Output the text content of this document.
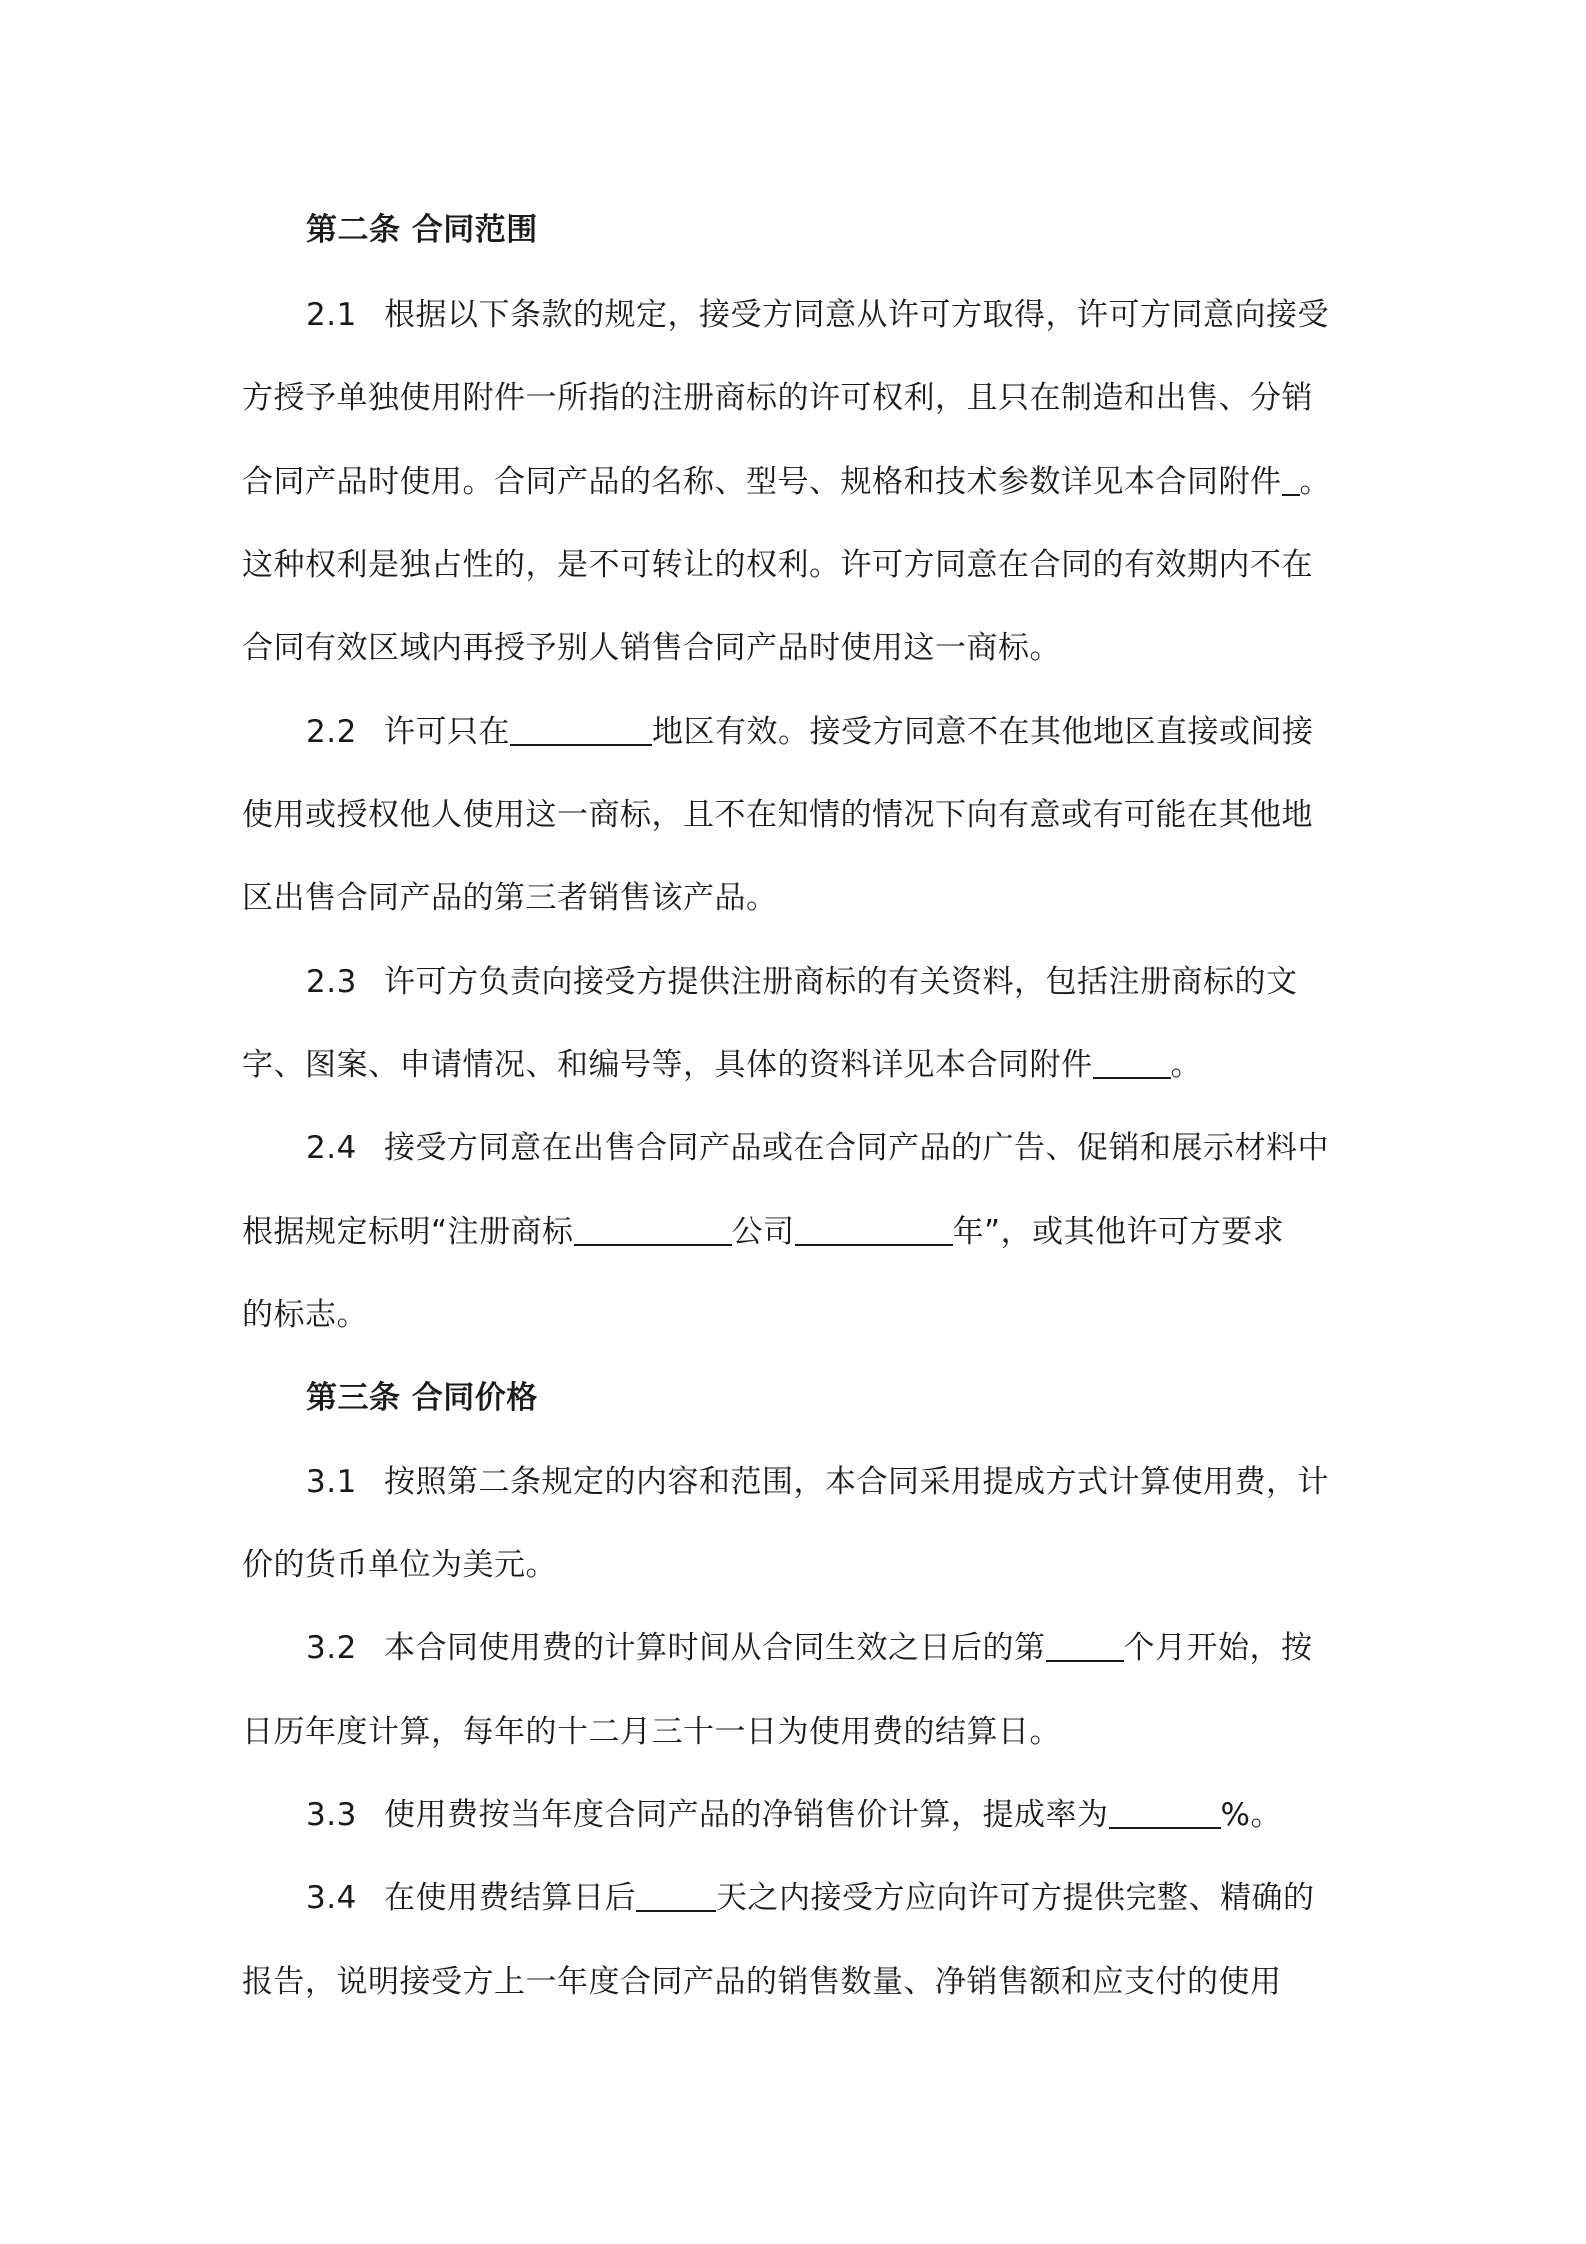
第二条 合同范围
2.1 根据以下条款的规定，接受方同意从许可方取得，许可方同意向接受
方授予单独使用附件一所指的注册商标的许可权利，且只在制造和出售、分销
合同产品时使用。合同产品的名称、型号、规格和技术参数详见本合同附件 。
这种权利是独占性的，是不可转让的权利。许可方同意在合同的有效期内不在
合同有效区域内再授予别人销售合同产品时使用这一商标。
2.2 许可只在	地区有效。接受方同意不在其他地区直接或间接
使用或授权他人使用这一商标，且不在知情的情况下向有意或有可能在其他地
区出售合同产品的第三者销售该产品。
2.3 许可方负责向接受方提供注册商标的有关资料，包括注册商标的文
字、图案、申请情况、和编号等，具体的资料详见本合同附件	。
2.4 接受方同意在出售合同产品或在合同产品的广告、促销和展示材料中
根据规定标明“注册商标	公司	年”，或其他许可方要求
的标志。
第三条 合同价格
3.1 按照第二条规定的内容和范围，本合同采用提成方式计算使用费，计
价的货币单位为美元。
3.2 本合同使用费的计算时间从合同生效之日后的第	个月开始，按
日历年度计算，每年的十二月三十一日为使用费的结算日。
3.3 使用费按当年度合同产品的净销售价计算，提成率为	%。
3.4 在使用费结算日后	天之内接受方应向许可方提供完整、精确的
报告，说明接受方上一年度合同产品的销售数量、净销售额和应支付的使用
